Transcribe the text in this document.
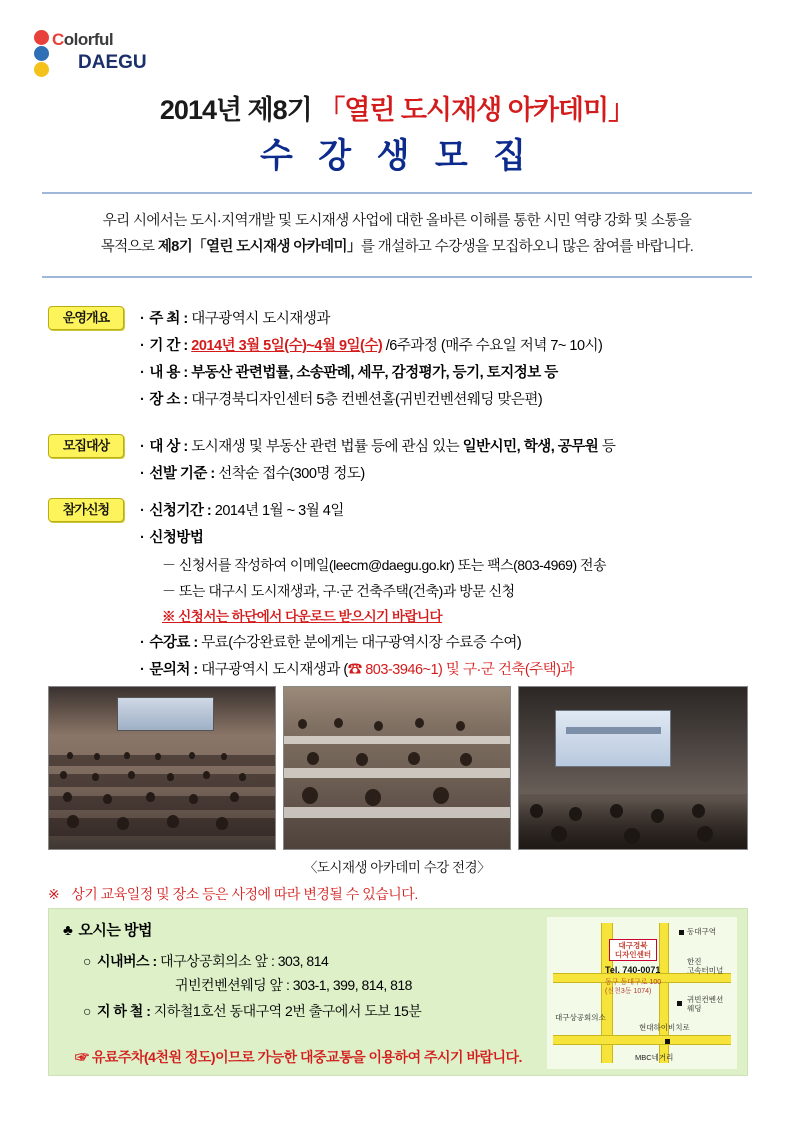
Colorful
DAEGU
2014년 제8기 「열린 도시재생 아카데미」
수 강 생 모 집
우리 시에서는 도시·지역개발 및 도시재생 사업에 대한 올바른 이해를 통한 시민 역량 강화 및 소통을
목적으로 제8기「열린 도시재생 아카데미」를 개설하고 수강생을 모집하오니 많은 참여를 바랍니다.
운영개요	· 주 최 : 대구광역시 도시재생과
· 기 간 : 2014년 3월 5일(수)~4월 9일(수) /6주과정 (매주 수요일 저녁 7~ 10시)
· 내 용 : 부동산 관련법률, 소송판례, 세무, 감정평가, 등기, 토지정보 등
· 장 소 : 대구경북디자인센터 5층 컨벤션홀(귀빈컨벤션웨딩 맞은편)
모집대상	· 대 상 : 도시재생 및 부동산 관련 법률 등에 관심 있는 일반시민, 학생, 공무원 등
· 선발 기준 : 선착순 접수(300명 정도)
참가신청	· 신청기간 : 2014년 1월 ~ 3월 4일
· 신청방법
－ 신청서를 작성하여 이메일(leecm@daegu.go.kr) 또는 팩스(803-4969) 전송
－ 또는 대구시 도시재생과, 구·군 건축주택(건축)과 방문 신청
※ 신청서는 하단에서 다운로드 받으시기 바랍니다
· 수강료 : 무료(수강완료한 분에게는 대구광역시장 수료증 수여)
· 문의처 : 대구광역시 도시재생과 (☎ 803-3946~1) 및 구·군 건축(주택)과
〈도시재생 아카데미 수강 전경〉
※ 상기 교육일정 및 장소 등은 사정에 따라 변경될 수 있습니다.
♣ 오시는 방법
○ 시내버스 : 대구상공회의소 앞 : 303, 814
귀빈컨벤션웨딩 앞 : 303-1, 399, 814, 818
○ 지 하 철 : 지하철1호선 동대구역 2번 출구에서 도보 15분
☞ 유료주차(4천원 정도)이므로 가능한 대중교통을 이용하여 주시기 바랍니다.
대구경북
디자인센터
동대구역
한진
고속터미널
귀빈컨벤션
웨딩
대구상공회의소
현대하이비치로
MBC네거리
Tel. 740-0071
동구 동대구로 100
(신천3동 1074)
